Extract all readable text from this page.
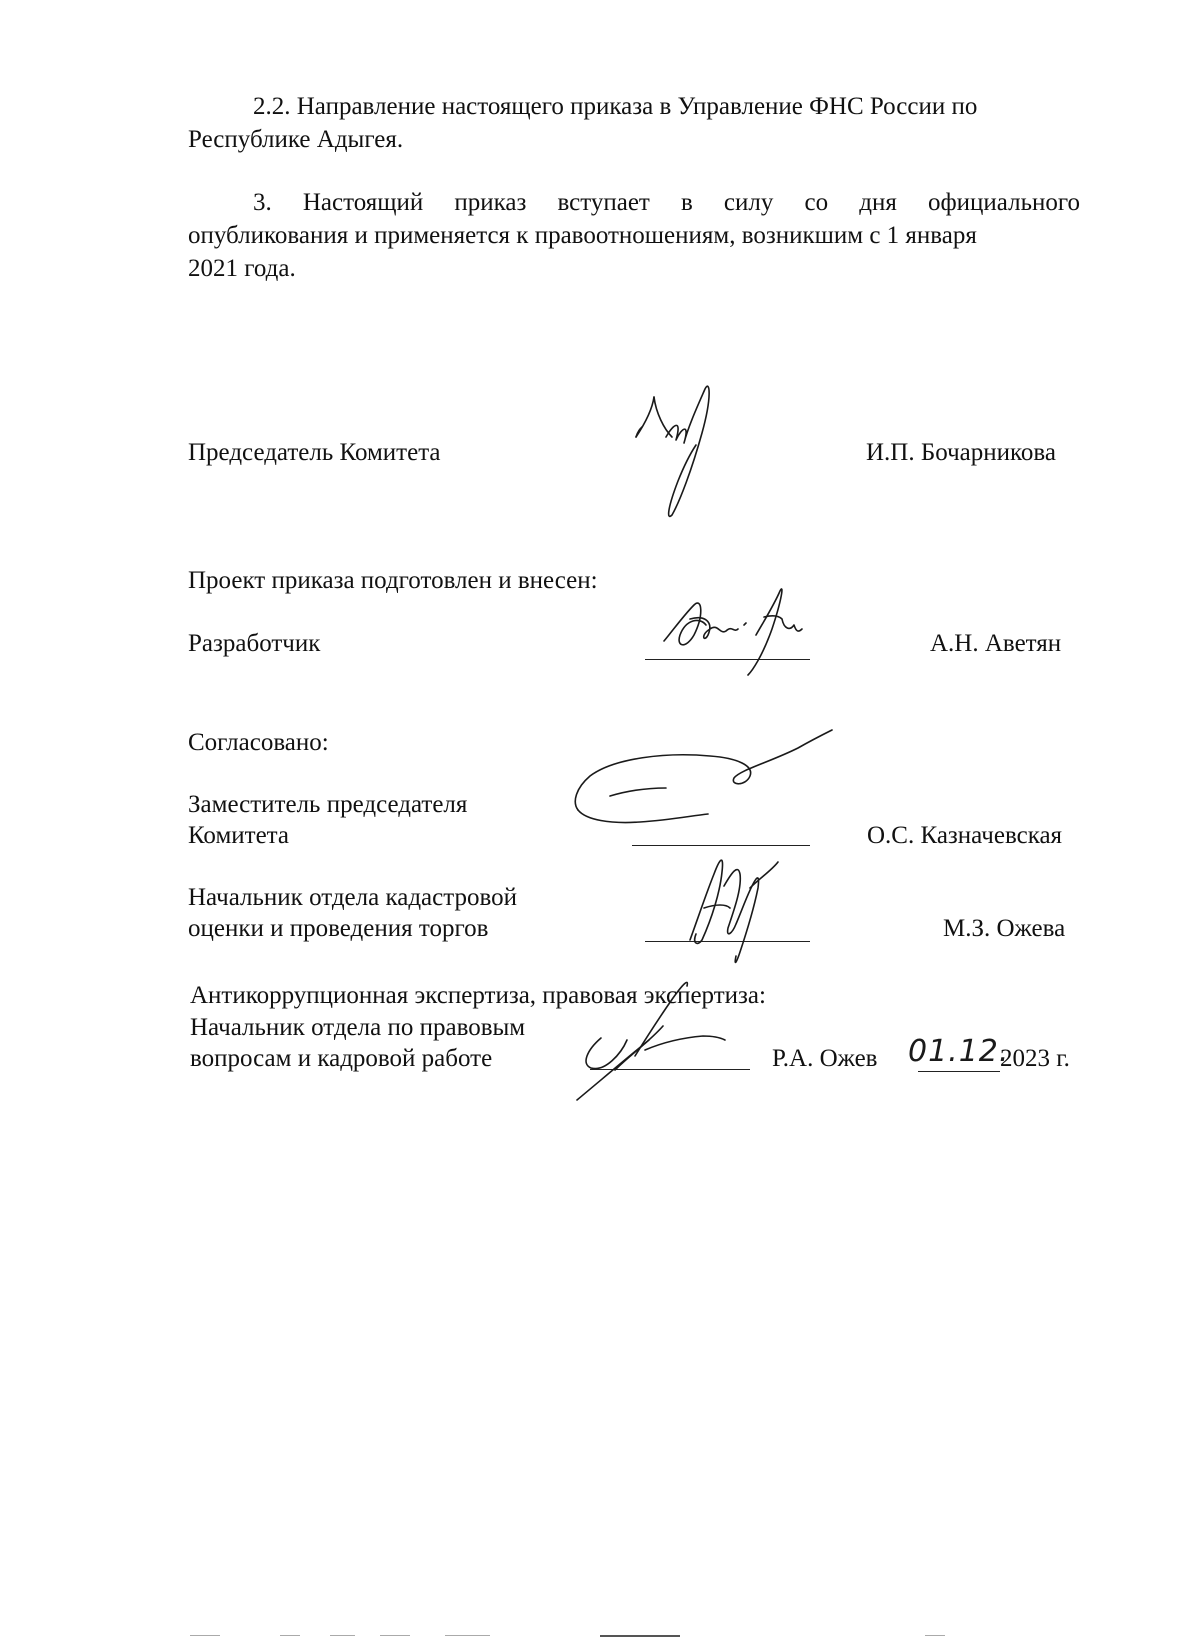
2.2. Направление настоящего приказа в Управление ФНС России по
Республике Адыгея.
3. Настоящий приказ вступает в силу со дня официального
опубликования и применяется к правоотношениям, возникшим с 1 января
2021 года.
Председатель Комитета	И.П. Бочарникова
Проект приказа подготовлен и внесен:
Разработчик	А.Н. Аветян
Согласовано:
Заместитель председателя
Комитета	О.С. Казначевская
Начальник отдела кадастровой
оценки и проведения торгов	М.З. Ожева
Антикоррупционная экспертиза, правовая экспертиза:
Начальник отдела по правовым
вопросам и кадровой работе	Р.А. Ожев 01.12.
2023 г.
